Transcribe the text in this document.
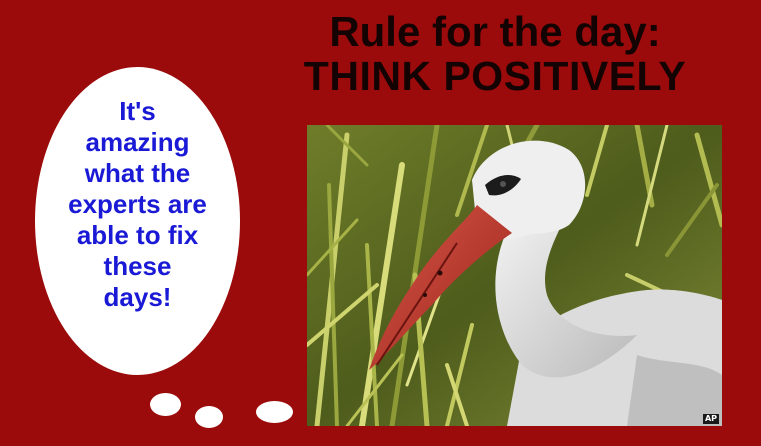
Rule for the day:
THINK POSITIVELY
It's
amazing
what the
experts are
able to fix
these
days!
AP
